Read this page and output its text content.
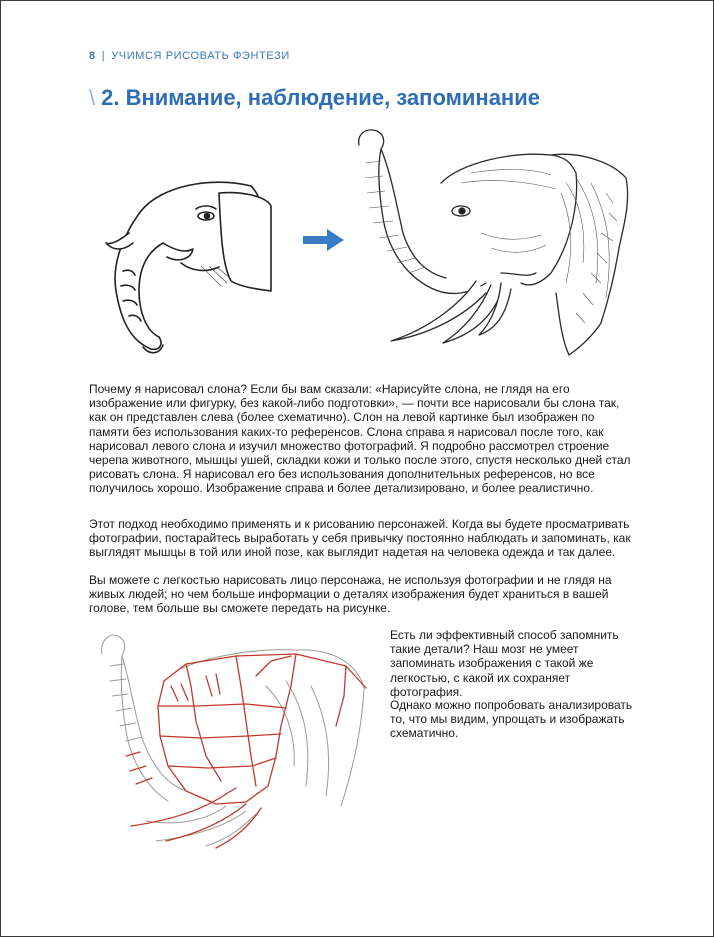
8 | УЧИМСЯ РИСОВАТЬ ФЭНТЕЗИ
\ 2. Внимание, наблюдение, запоминание

Почему я нарисовал слона? Если бы вам сказали: «Нарисуйте слона, не глядя на его изображение или фигурку, без какой-либо подготовки», — почти все нарисовали бы слона так, как он представлен слева (более схематично). Слон на левой картинке был изображен по памяти без использования каких-то референсов. Слона справа я нарисовал после того, как нарисовал левого слона и изучил множество фотографий. Я подробно рассмотрел строение черепа животного, мышцы ушей, складки кожи и только после этого, спустя несколько дней стал рисовать слона. Я нарисовал его без использования дополнительных референсов, но все получилось хорошо. Изображение справа и более детализировано, и более реалистично.

Этот подход необходимо применять и к рисованию персонажей. Когда вы будете просматривать фотографии, постарайтесь выработать у себя привычку постоянно наблюдать и запоминать, как выглядят мышцы в той или иной позе, как выглядит надетая на человека одежда и так далее.

Вы можете с легкостью нарисовать лицо персонажа, не используя фотографии и не глядя на живых людей; но чем больше информации о деталях изображения будет храниться в вашей голове, тем больше вы сможете передать на рисунке.

Есть ли эффективный способ запомнить такие детали? Наш мозг не умеет запоминать изображения с такой же легкостью, с какой их сохраняет фотография.

Однако можно попробовать анализировать то, что мы видим, упрощать и изображать схематично.
